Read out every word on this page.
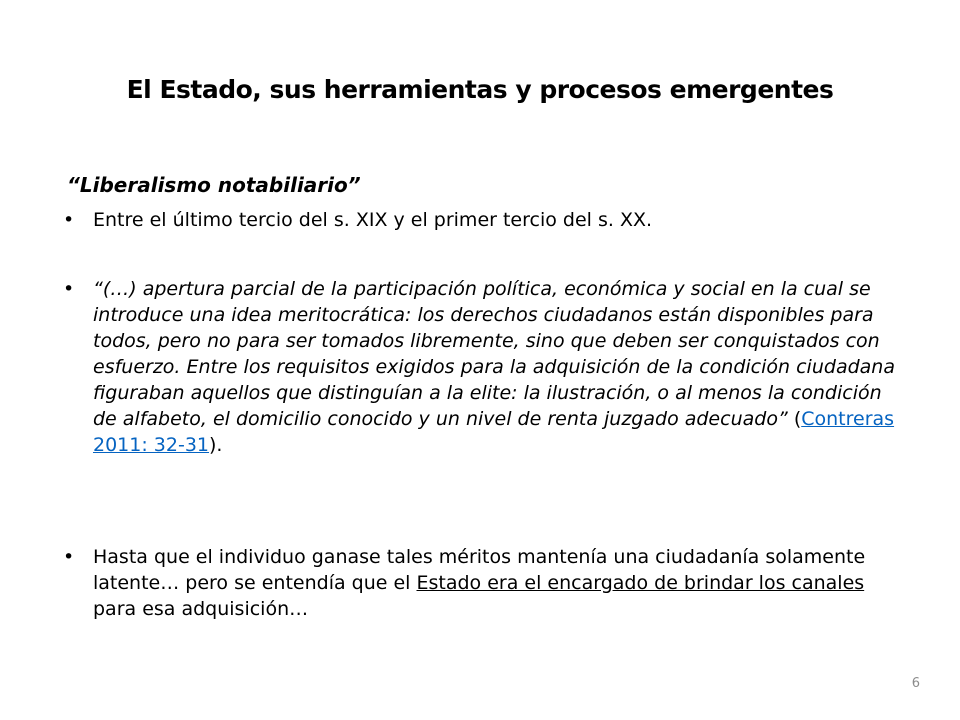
El Estado, sus herramientas y procesos emergentes
“Liberalismo notabiliario”
• Entre el último tercio del s. XIX y el primer tercio del s. XX.
• “(…) apertura parcial de la participación política, económica y social en la cual se introduce una idea meritocrática: los derechos ciudadanos están disponibles para todos, pero no para ser tomados libremente, sino que deben ser conquistados con esfuerzo. Entre los requisitos exigidos para la adquisición de la condición ciudadana figuraban aquellos que distinguían a la elite: la ilustración, o al menos la condición de alfabeto, el domicilio conocido y un nivel de renta juzgado adecuado” (Contreras 2011: 32-31).
• Hasta que el individuo ganase tales méritos mantenía una ciudadanía solamente latente… pero se entendía que el Estado era el encargado de brindar los canales para esa adquisición…
6
